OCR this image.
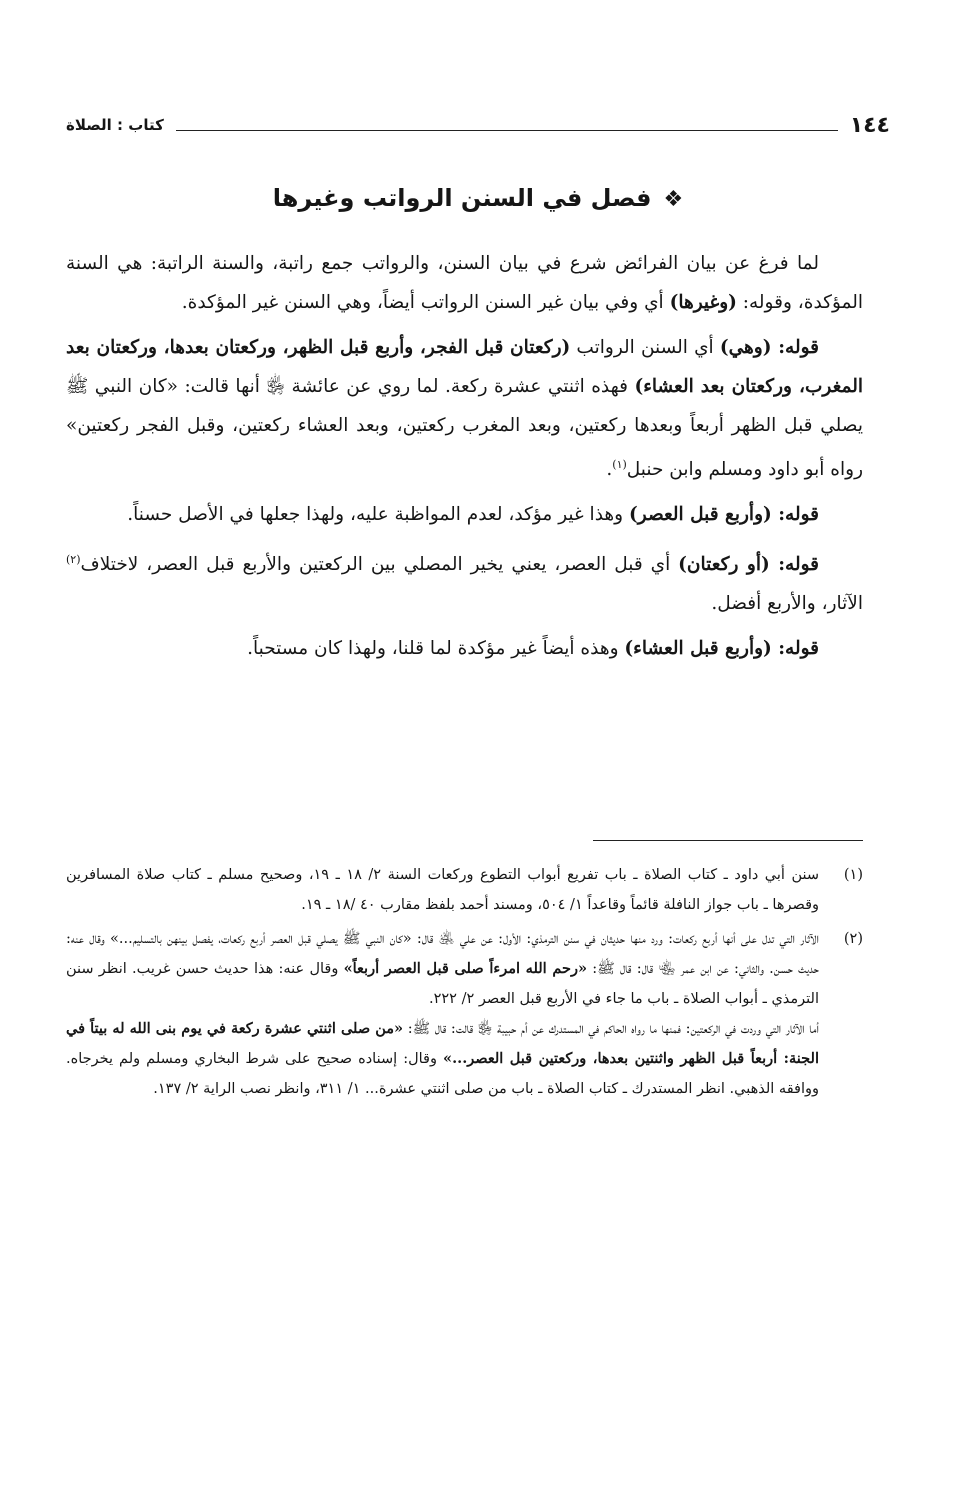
١٤٤
كتاب : الصلاة
❖فصل في السنن الرواتب وغيرها

لما فرغ عن بيان الفرائض شرع في بيان السنن، والرواتب جمع راتبة، والسنة الراتبة: هي السنة المؤكدة، وقوله: (وغيرها) أي وفي بيان غير السنن الرواتب أيضاً، وهي السنن غير المؤكدة.

قوله: (وهي) أي السنن الرواتب (ركعتان قبل الفجر، وأربع قبل الظهر، وركعتان بعدها، وركعتان بعد المغرب، وركعتان بعد العشاء) فهذه اثنتي عشرة ركعة. لما روي عن عائشة ﵂ أنها قالت: «كان النبي ﷺ يصلي قبل الظهر أربعاً وبعدها ركعتين، وبعد المغرب ركعتين، وبعد العشاء ركعتين، وقبل الفجر ركعتين» رواه أبو داود ومسلم وابن حنبل$^{(١)}$.

قوله: (وأربع قبل العصر) وهذا غير مؤكد، لعدم المواظبة عليه، ولهذا جعلها في الأصل حسناً.

قوله: (أو ركعتان) أي قبل العصر، يعني يخير المصلي بين الركعتين والأربع قبل العصر، لاختلاف$^{(٢)}$ الآثار، والأربع أفضل.

قوله: (وأربع قبل العشاء) وهذه أيضاً غير مؤكدة لما قلنا، ولهذا كان مستحباً.

(١)

سنن أبي داود ـ كتاب الصلاة ـ باب تفريع أبواب التطوع وركعات السنة ٢/ ١٨ ـ ١٩، وصحيح مسلم ـ كتاب صلاة المسافرين وقصرها ـ باب جواز النافلة قائماً وقاعداً ١/ ٥٠٤، ومسند أحمد بلفظ مقارب ٤٠ /١٨ ـ ١٩.

(٢)

الآثار التي تدل على أنها أربع ركعات: ورد منها حديثان في سنن الترمذي: الأول: عن علي ﵁ قال: «كان النبي ﷺ يصلي قبل العصر أربع ركعات، يفصل بينهن بالتسليم...» وقال عنه: حديث حسن. والثاني: عن ابن عمر ﵄ قال: قال ﷺ: «رحم الله امرءاً صلى قبل العصر أربعاً» وقال عنه: هذا حديث حسن غريب. انظر سنن الترمذي ـ أبواب الصلاة ـ باب ما جاء في الأربع قبل العصر ٢/ ٢٢٢.

أما الآثار التي وردت في الركعتين: فمنها ما رواه الحاكم في المستدرك عن أم حبيبة ﵂ قالت: قال ﷺ: «من صلى اثنتي عشرة ركعة في يوم بنى الله له بيتاً في الجنة: أربعاً قبل الظهر واثنتين بعدها، وركعتين قبل العصر...» وقال: إسناده صحيح على شرط البخاري ومسلم ولم يخرجاه. ووافقه الذهبي. انظر المستدرك ـ كتاب الصلاة ـ باب من صلى اثنتي عشرة... ١/ ٣١١، وانظر نصب الراية ٢/ ١٣٧.
